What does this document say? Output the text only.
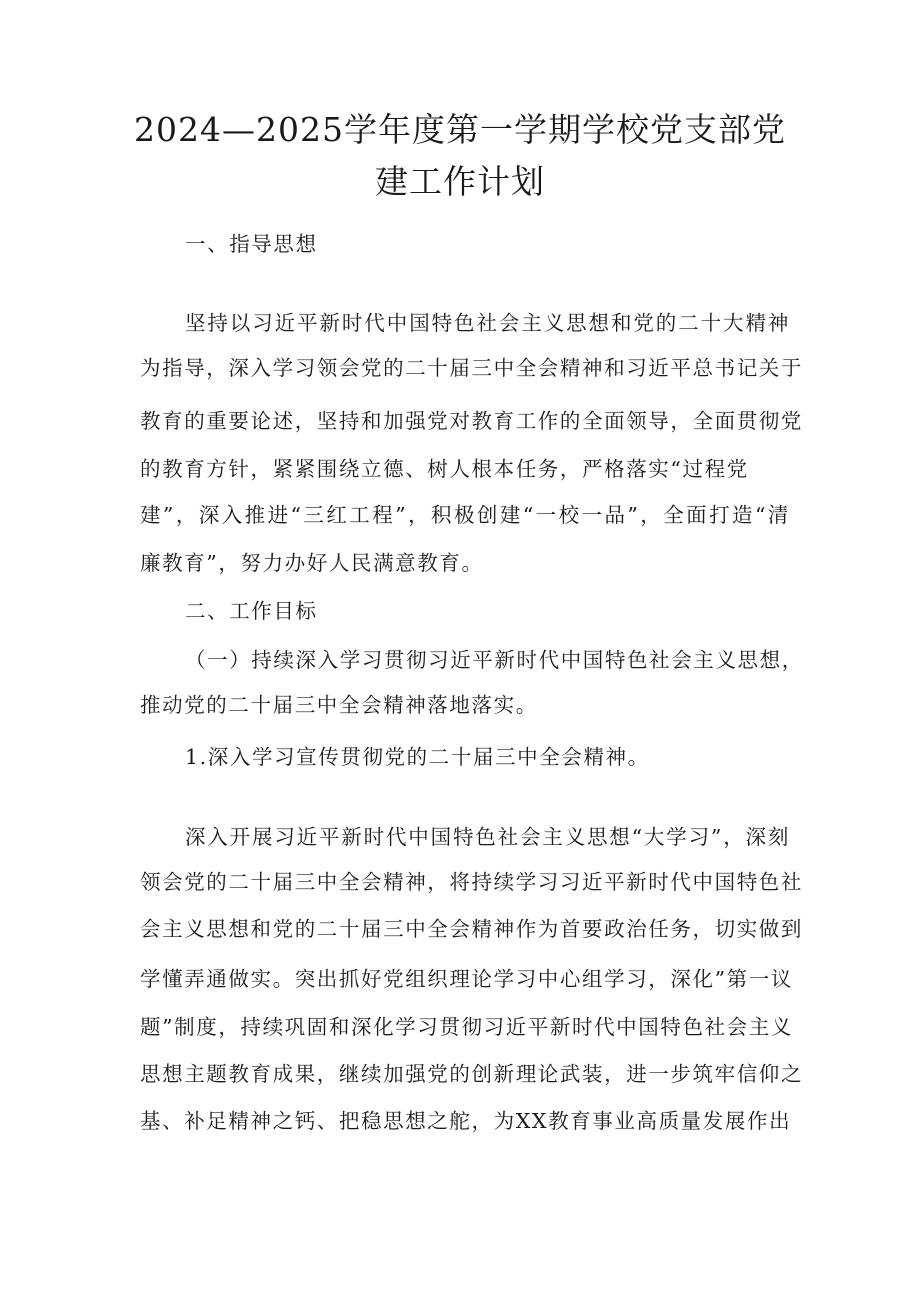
2024—2025学年度第一学期学校党支部党
建工作计划

一、指导思想

坚持以习近平新时代中国特色社会主义思想和党的二十大精神

为指导，深入学习领会党的二十届三中全会精神和习近平总书记关于

教育的重要论述，坚持和加强党对教育工作的全面领导，全面贯彻党

的教育方针，紧紧围绕立德、树人根本任务，严格落实“过程党

建”，深入推进“三红工程”，积极创建“一校一品”，全面打造“清

廉教育”，努力办好人民满意教育。

二、工作目标

（一）持续深入学习贯彻习近平新时代中国特色社会主义思想，

推动党的二十届三中全会精神落地落实。

1.深入学习宣传贯彻党的二十届三中全会精神。

深入开展习近平新时代中国特色社会主义思想“大学习”，深刻

领会党的二十届三中全会精神，将持续学习习近平新时代中国特色社

会主义思想和党的二十届三中全会精神作为首要政治任务，切实做到

学懂弄通做实。突出抓好党组织理论学习中心组学习，深化”第一议

题”制度，持续巩固和深化学习贯彻习近平新时代中国特色社会主义

思想主题教育成果，继续加强党的创新理论武装，进一步筑牢信仰之

基、补足精神之钙、把稳思想之舵，为XX教育事业高质量发展作出
